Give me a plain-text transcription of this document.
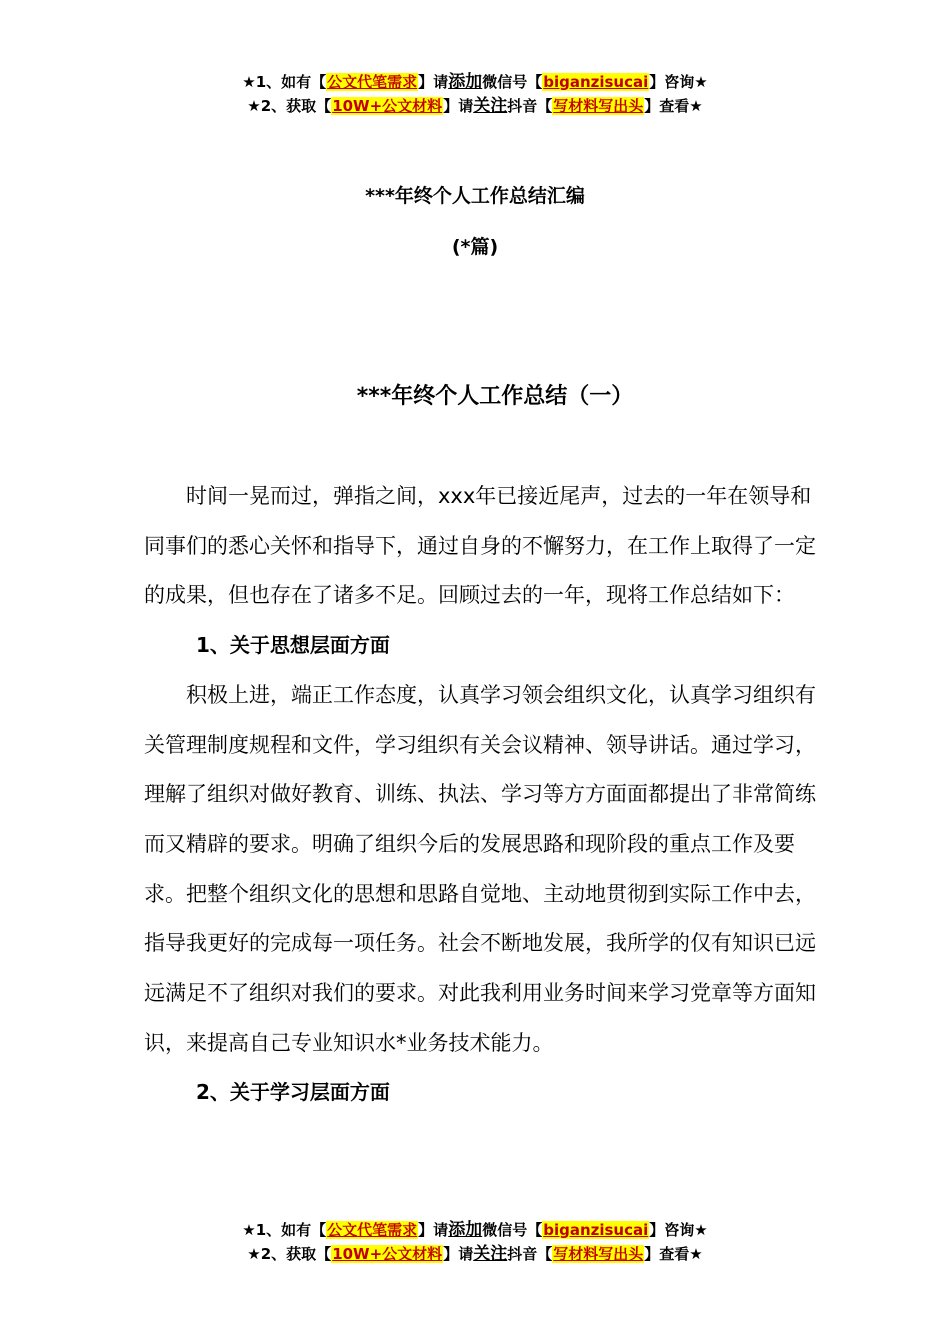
★1、如有【公文代笔需求】请添加微信号【biganzisucai】咨询★
★2、获取【10W+公文材料】请关注抖音【写材料写出头】查看★
***年终个人工作总结汇编
(*篇)
***年终个人工作总结（一）

时间一晃而过，弹指之间，xxx年已接近尾声，过去的一年在领导和同事们的悉心关怀和指导下，通过自身的不懈努力，在工作上取得了一定的成果，但也存在了诸多不足。回顾过去的一年，现将工作总结如下：

1、关于思想层面方面

积极上进，端正工作态度，认真学习领会组织文化，认真学习组织有关管理制度规程和文件，学习组织有关会议精神、领导讲话。通过学习，理解了组织对做好教育、训练、执法、学习等方方面面都提出了非常简练而又精辟的要求。明确了组织今后的发展思路和现阶段的重点工作及要求。把整个组织文化的思想和思路自觉地、主动地贯彻到实际工作中去，指导我更好的完成每一项任务。社会不断地发展，我所学的仅有知识已远远满足不了组织对我们的要求。对此我利用业务时间来学习党章等方面知识，来提高自己专业知识水*业务技术能力。

2、关于学习层面方面
★1、如有【公文代笔需求】请添加微信号【biganzisucai】咨询★
★2、获取【10W+公文材料】请关注抖音【写材料写出头】查看★
